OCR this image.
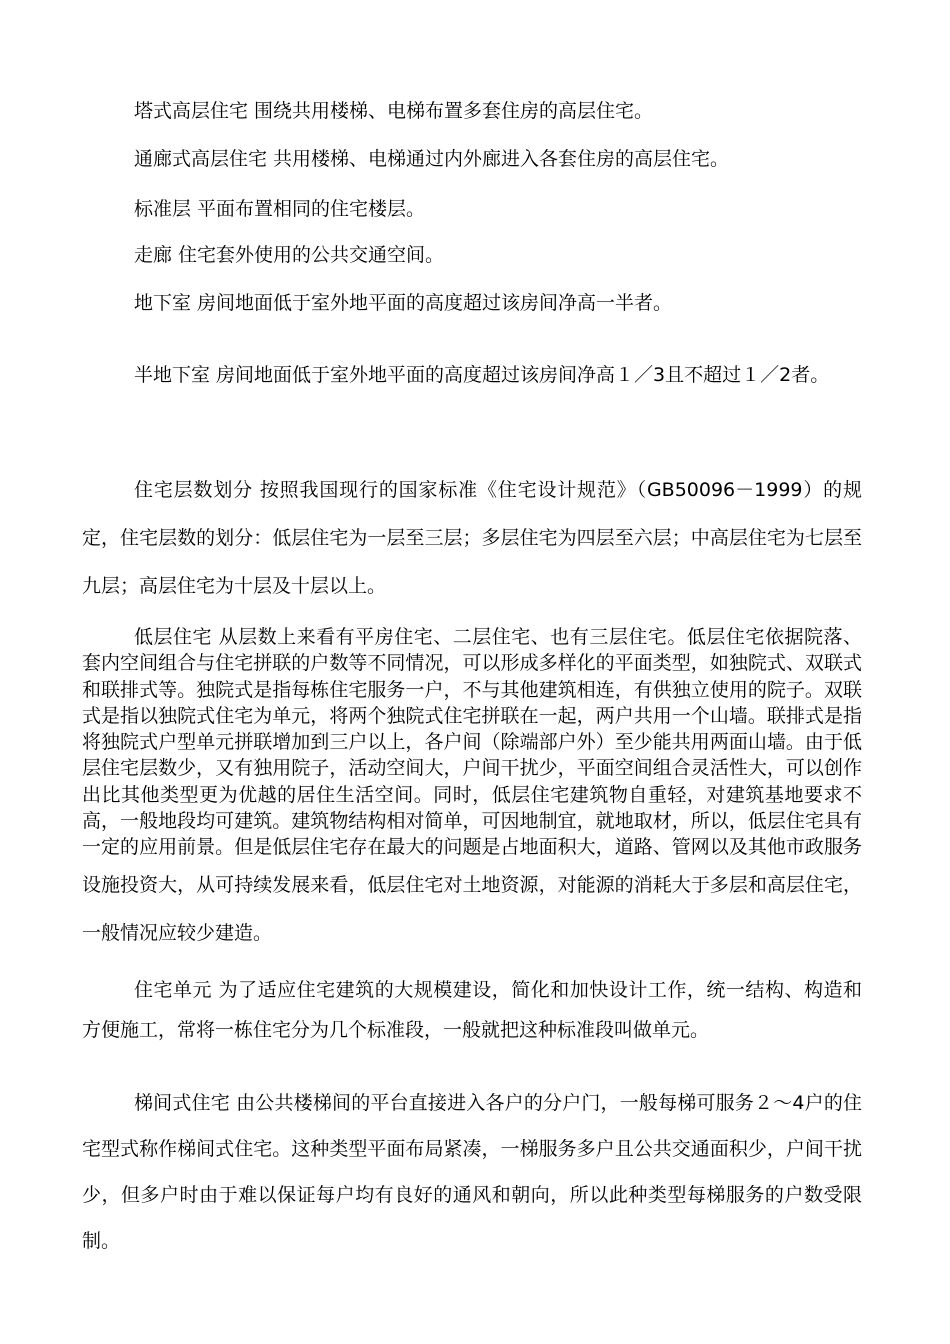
塔式高层住宅 围绕共用楼梯、电梯布置多套住房的高层住宅。

通廊式高层住宅 共用楼梯、电梯通过内外廊进入各套住房的高层住宅。

标准层 平面布置相同的住宅楼层。

走廊 住宅套外使用的公共交通空间。

地下室 房间地面低于室外地平面的高度超过该房间净高一半者。

半地下室 房间地面低于室外地平面的高度超过该房间净高１／3且不超过１／2者。

住宅层数划分 按照我国现行的国家标准《住宅设计规范》（GB50096－1999）的规定，住宅层数的划分：低层住宅为一层至三层；多层住宅为四层至六层；中高层住宅为七层至九层；高层住宅为十层及十层以上。

低层住宅 从层数上来看有平房住宅、二层住宅、也有三层住宅。低层住宅依据院落、套内空间组合与住宅拼联的户数等不同情况，可以形成多样化的平面类型，如独院式、双联式和联排式等。独院式是指每栋住宅服务一户，不与其他建筑相连，有供独立使用的院子。双联式是指以独院式住宅为单元，将两个独院式住宅拼联在一起，两户共用一个山墙。联排式是指将独院式户型单元拼联增加到三户以上，各户间（除端部户外）至少能共用两面山墙。由于低层住宅层数少，又有独用院子，活动空间大，户间干扰少，平面空间组合灵活性大，可以创作出比其他类型更为优越的居住生活空间。同时，低层住宅建筑物自重轻，对建筑基地要求不高，一般地段均可建筑。建筑物结构相对简单，可因地制宜，就地取材，所以，低层住宅具有一定的应用前景。但是低层住宅存在最大的问题是占地面积大，道路、管网以及其他市政服务设施投资大，从可持续发展来看，低层住宅对土地资源，对能源的消耗大于多层和高层住宅，一般情况应较少建造。

住宅单元 为了适应住宅建筑的大规模建设，简化和加快设计工作，统一结构、构造和方便施工，常将一栋住宅分为几个标准段，一般就把这种标准段叫做单元。

梯间式住宅 由公共楼梯间的平台直接进入各户的分户门，一般每梯可服务２～4户的住宅型式称作梯间式住宅。这种类型平面布局紧凑，一梯服务多户且公共交通面积少，户间干扰少，但多户时由于难以保证每户均有良好的通风和朝向，所以此种类型每梯服务的户数受限制。
